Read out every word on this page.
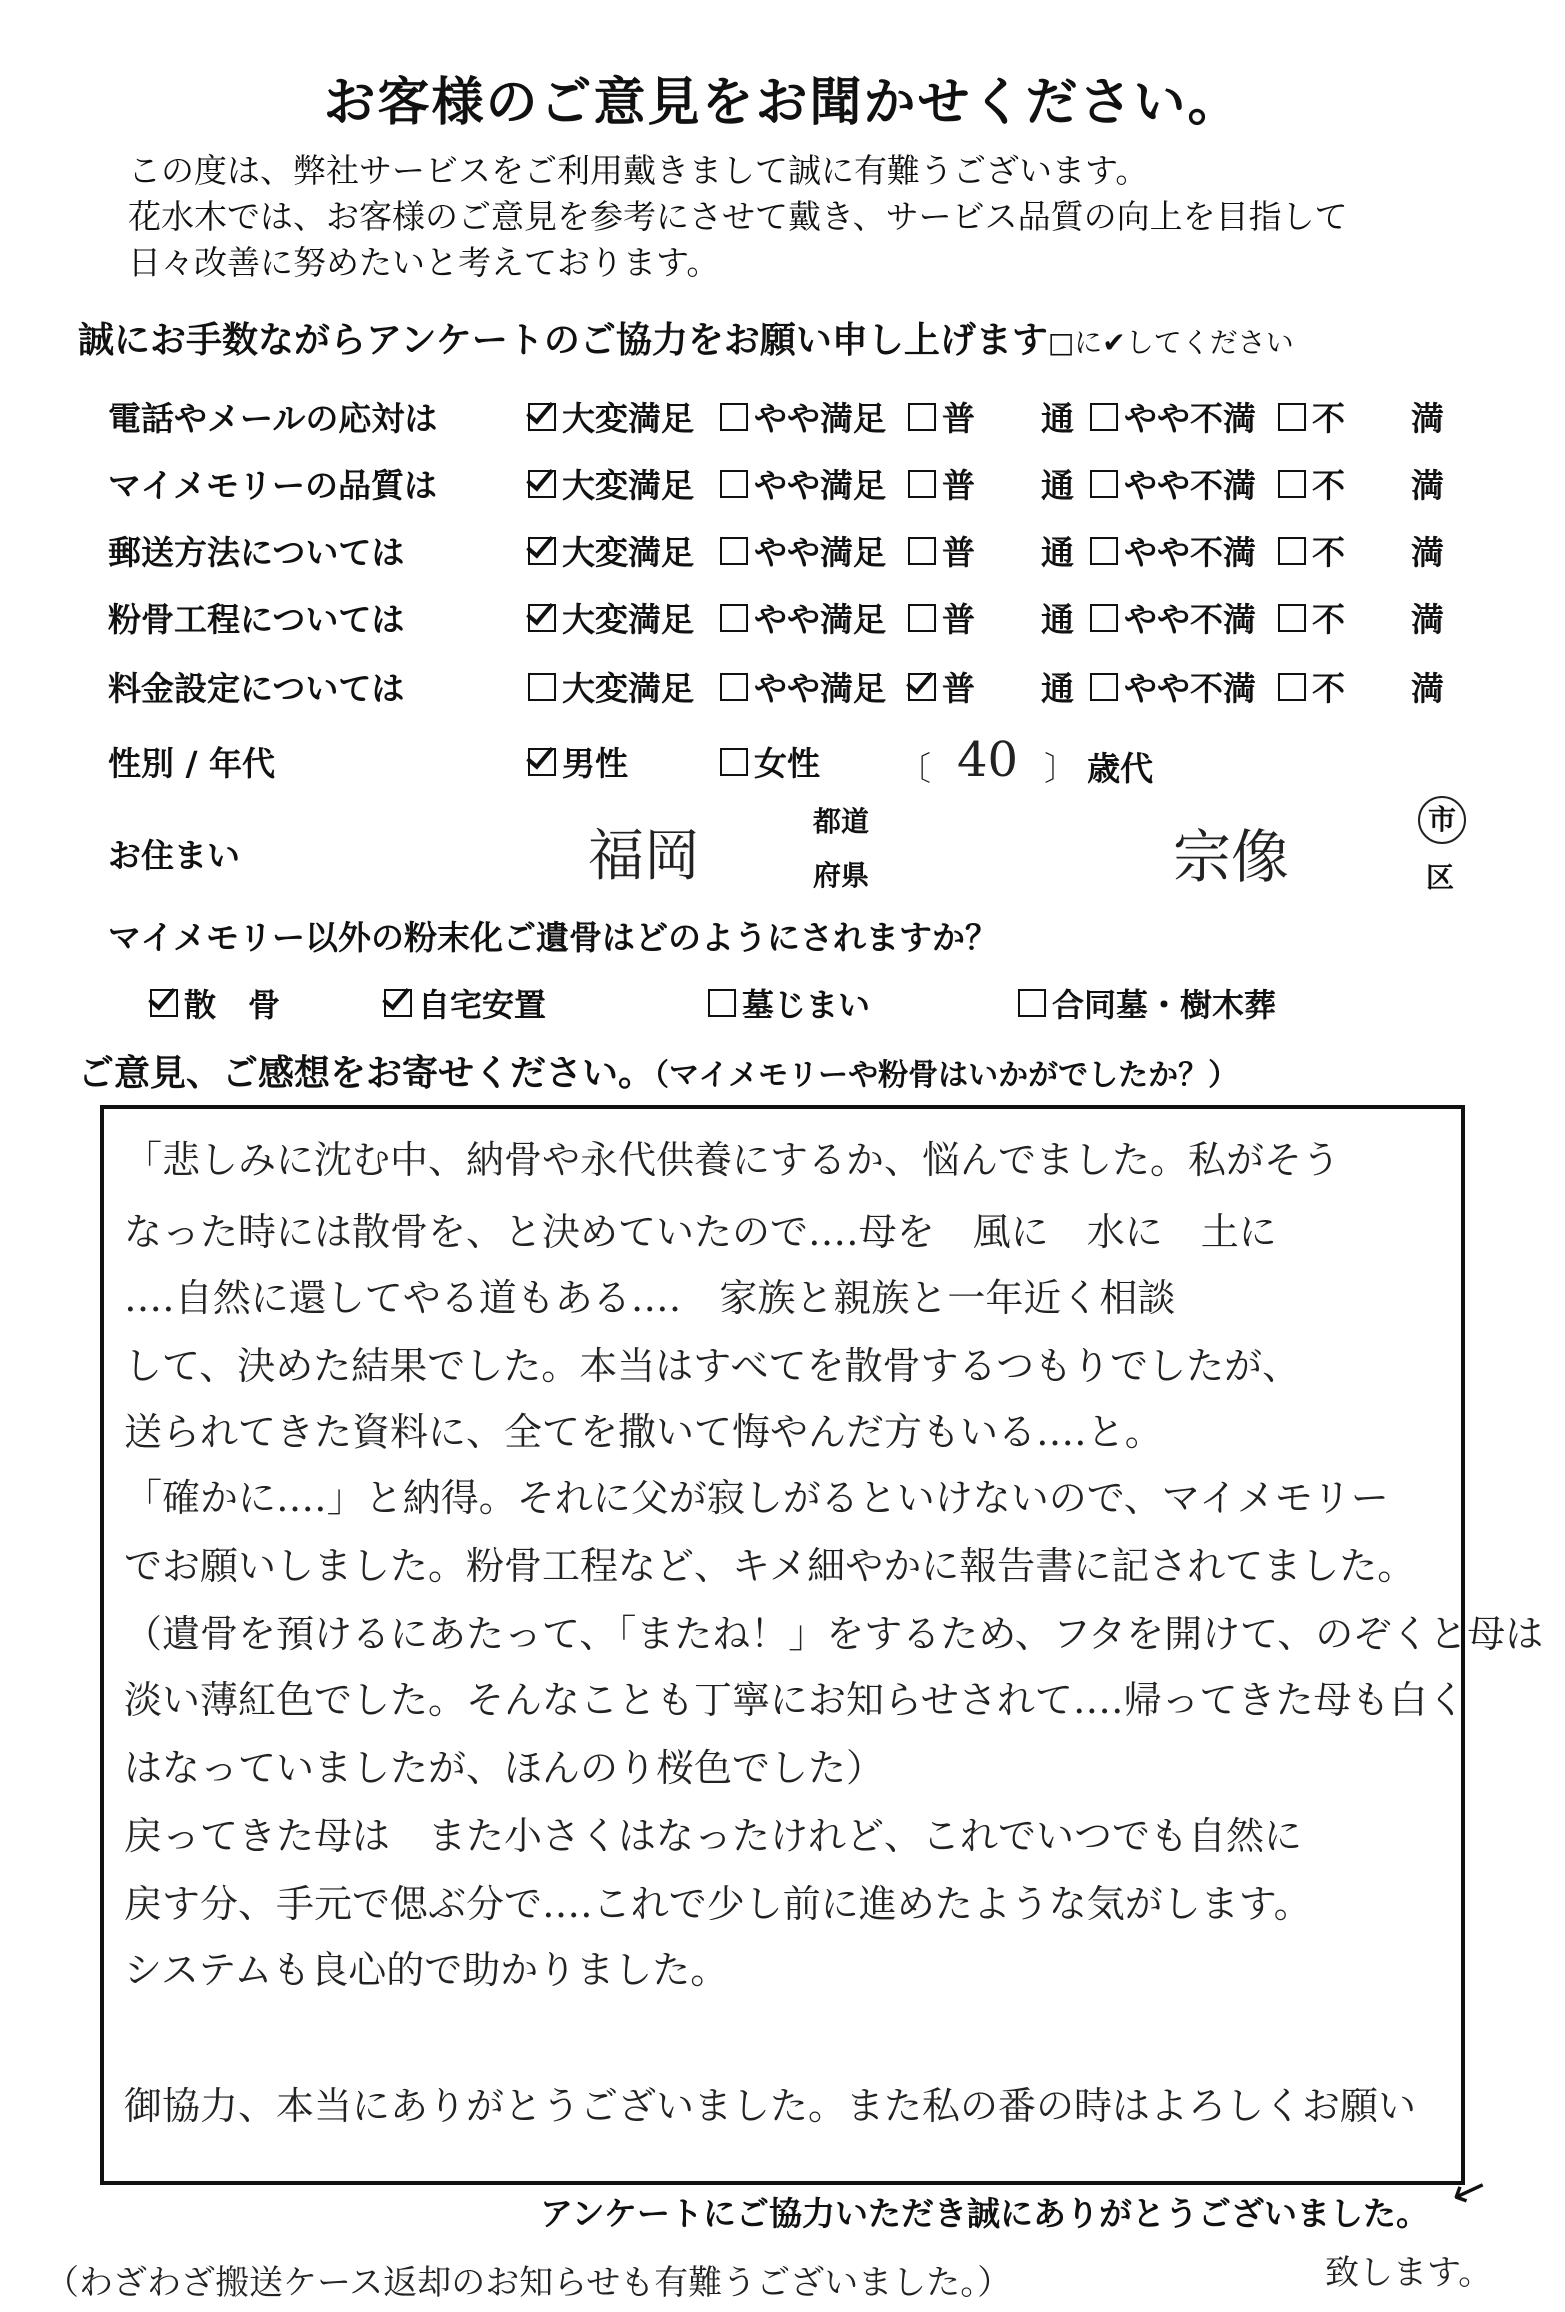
お客様のご意見をお聞かせください。
この度は、弊社サービスをご利用戴きまして誠に有難うございます。
花水木では、お客様のご意見を参考にさせて戴き、サービス品質の向上を目指して
日々改善に努めたいと考えております。
誠にお手数ながらアンケートのご協力をお願い申し上げます□に✔してください
電話やメールの応対は	大変満足 やや満足 普　　通 やや不満 不　　満
マイメモリーの品質は	大変満足 やや満足 普　　通 やや不満 不　　満
郵送方法については	大変満足 やや満足 普　　通 やや不満 不　　満
粉骨工程については	大変満足 やや満足 普　　通 やや不満 不　　満
料金設定については	大変満足 やや満足 普　　通 やや不満 不　　満
性別 / 年代	男性	女性 〔 40 〕 歳代
お住まい	福岡
都道
府県	宗像
市
区
マイメモリー以外の粉末化ご遺骨はどのようにされますか？
散　骨	自宅安置	墓じまい	合同墓・樹木葬
ご意見、ご感想をお寄せください。（マイメモリーや粉骨はいかがでしたか？）
「悲しみに沈む中、納骨や永代供養にするか、悩んでました。私がそう
なった時には散骨を、と決めていたので‥‥母を　風に　水に　土に
‥‥自然に還してやる道もある‥‥　家族と親族と一年近く相談
して、決めた結果でした。本当はすべてを散骨するつもりでしたが、
送られてきた資料に、全てを撒いて悔やんだ方もいる‥‥と。
「確かに‥‥」と納得。それに父が寂しがるといけないので、マイメモリー
でお願いしました。粉骨工程など、キメ細やかに報告書に記されてました。
（遺骨を預けるにあたって、「またね！」をするため、フタを開けて、のぞくと母は
淡い薄紅色でした。そんなことも丁寧にお知らせされて‥‥帰ってきた母も白く
はなっていましたが、ほんのり桜色でした）
戻ってきた母は　また小さくはなったけれど、これでいつでも自然に
戻す分、手元で偲ぶ分で‥‥これで少し前に進めたような気がします。
システムも良心的で助かりました。
御協力、本当にありがとうございました。また私の番の時はよろしくお願い
↙
アンケートにご協力いただき誠にありがとうございました。
（わざわざ搬送ケース返却のお知らせも有難うございました。）	致します。
